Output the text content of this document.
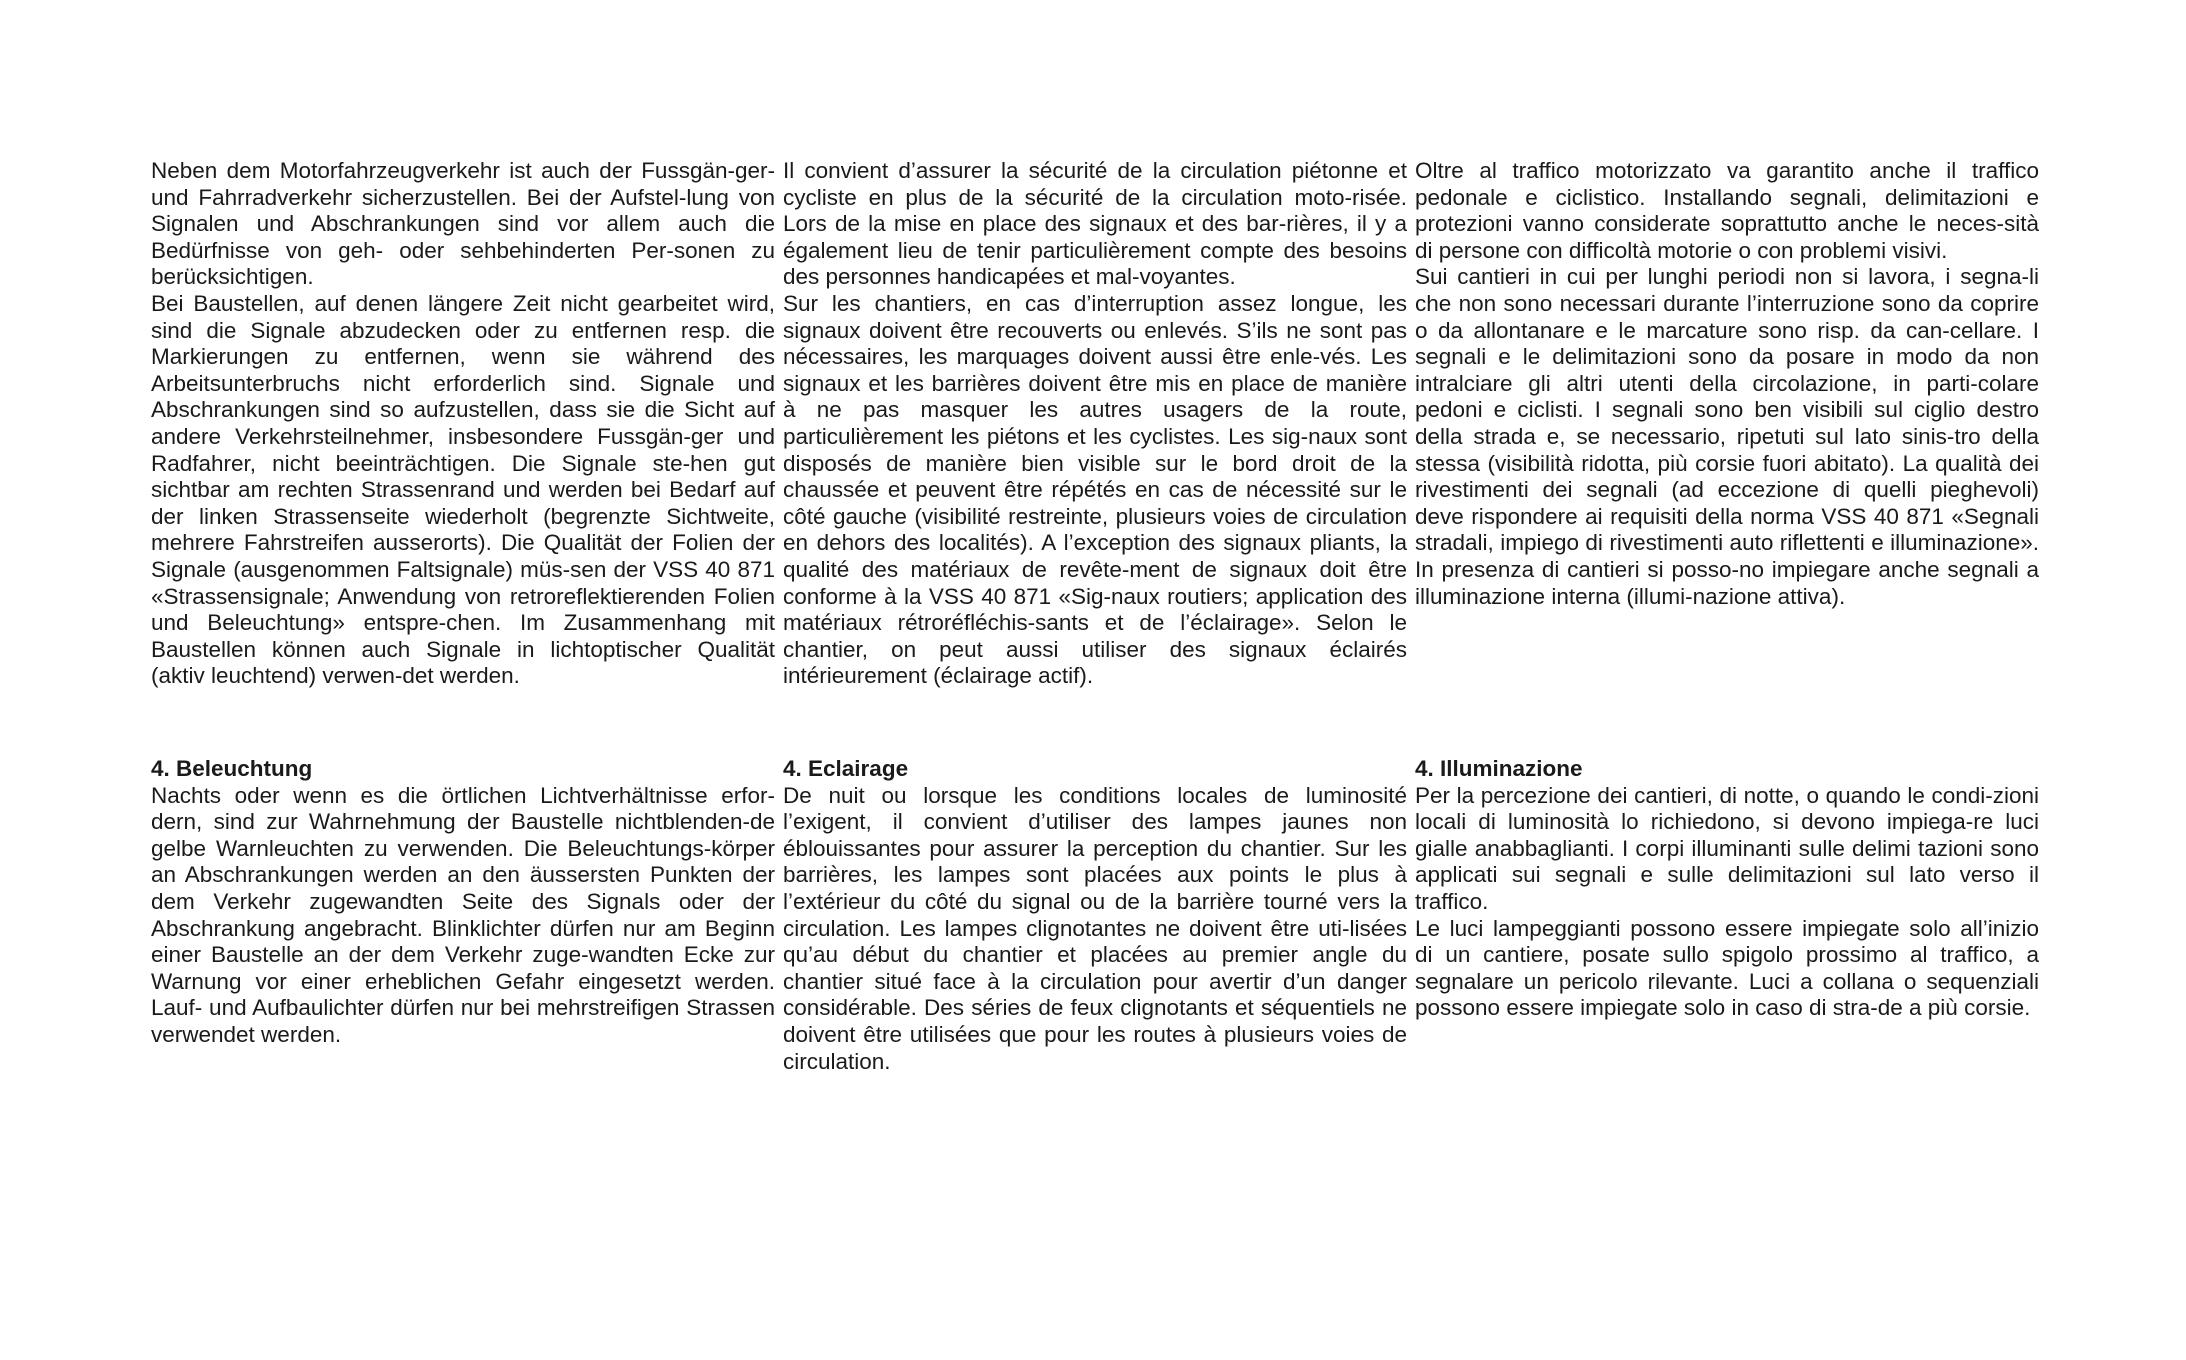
Neben dem Motorfahrzeugverkehr ist auch der Fussgän-ger- und Fahrradverkehr sicherzustellen. Bei der Aufstel-lung von Signalen und Abschrankungen sind vor allem auch die Bedürfnisse von geh- oder sehbehinderten Per-sonen zu berücksichtigen.

Bei Baustellen, auf denen längere Zeit nicht gearbeitet wird, sind die Signale abzudecken oder zu entfernen resp. die Markierungen zu entfernen, wenn sie während des Arbeitsunterbruchs nicht erforderlich sind. Signale und Abschrankungen sind so aufzustellen, dass sie die Sicht auf andere Verkehrsteilnehmer, insbesondere Fussgän-ger und Radfahrer, nicht beeinträchtigen. Die Signale ste-hen gut sichtbar am rechten Strassenrand und werden bei Bedarf auf der linken Strassenseite wiederholt (begrenzte Sichtweite, mehrere Fahrstreifen ausserorts). Die Qualität der Folien der Signale (ausgenommen Faltsignale) müs-sen der VSS 40 871 «Strassensignale; Anwendung von retroreflektierenden Folien und Beleuchtung» entspre-chen. Im Zusammenhang mit Baustellen können auch Signale in lichtoptischer Qualität (aktiv leuchtend) verwen-det werden.

4. Beleuchtung

Nachts oder wenn es die örtlichen Lichtverhältnisse erfor-dern, sind zur Wahrnehmung der Baustelle nichtblenden-de gelbe Warnleuchten zu verwenden. Die Beleuchtungs-körper an Abschrankungen werden an den äussersten Punkten der dem Verkehr zugewandten Seite des Signals oder der Abschrankung angebracht. Blinklichter dürfen nur am Beginn einer Baustelle an der dem Verkehr zuge-wandten Ecke zur Warnung vor einer erheblichen Gefahr eingesetzt werden. Lauf- und Aufbaulichter dürfen nur bei mehrstreifigen Strassen verwendet werden.

Il convient d’assurer la sécurité de la circulation piétonne et cycliste en plus de la sécurité de la circulation moto-risée. Lors de la mise en place des signaux et des bar-rières, il y a également lieu de tenir particulièrement compte des besoins des personnes handicapées et mal-voyantes.

Sur les chantiers, en cas d’interruption assez longue, les signaux doivent être recouverts ou enlevés. S’ils ne sont pas nécessaires, les marquages doivent aussi être enle-vés. Les signaux et les barrières doivent être mis en place de manière à ne pas masquer les autres usagers de la route, particulièrement les piétons et les cyclistes. Les sig-naux sont disposés de manière bien visible sur le bord droit de la chaussée et peuvent être répétés en cas de nécessité sur le côté gauche (visibilité restreinte, plusieurs voies de circulation en dehors des localités). A l’exception des signaux pliants, la qualité des matériaux de revête-ment de signaux doit être conforme à la VSS 40 871 «Sig-naux routiers; application des matériaux rétroréfléchis-sants et de l’éclairage». Selon le chantier, on peut aussi utiliser des signaux éclairés intérieurement (éclairage actif).

4. Eclairage

De nuit ou lorsque les conditions locales de luminosité l’exigent, il convient d’utiliser des lampes jaunes non éblouissantes pour assurer la perception du chantier. Sur les barrières, les lampes sont placées aux points le plus à l’extérieur du côté du signal ou de la barrière tourné vers la circulation. Les lampes clignotantes ne doivent être uti-lisées qu’au début du chantier et placées au premier angle du chantier situé face à la circulation pour avertir d’un danger considérable. Des séries de feux clignotants et séquentiels ne doivent être utilisées que pour les routes à plusieurs voies de circulation.

Oltre al traffico motorizzato va garantito anche il traffico pedonale e ciclistico. Installando segnali, delimitazioni e protezioni vanno considerate soprattutto anche le neces-sità di persone con difficoltà motorie o con problemi visivi.

Sui cantieri in cui per lunghi periodi non si lavora, i segna-li che non sono necessari durante l’interruzione sono da coprire o da allontanare e le marcature sono risp. da can-cellare. I segnali e le delimitazioni sono da posare in modo da non intralciare gli altri utenti della circolazione, in parti-colare pedoni e ciclisti. I segnali sono ben visibili sul ciglio destro della strada e, se necessario, ripetuti sul lato sinis-tro della stessa (visibilità ridotta, più corsie fuori abitato). La qualità dei rivestimenti dei segnali (ad eccezione di quelli pieghevoli) deve rispondere ai requisiti della norma VSS 40 871 «Segnali stradali, impiego di rivestimenti auto riflettenti e illuminazione». In presenza di cantieri si posso-no impiegare anche segnali a illuminazione interna (illumi-nazione attiva).

4. Illuminazione

Per la percezione dei cantieri, di notte, o quando le condi-zioni locali di luminosità lo richiedono, si devono impiega-re luci gialle anabbaglianti. I corpi illuminanti sulle delimi tazioni sono applicati sui segnali e sulle delimitazioni sul lato verso il traffico.

Le luci lampeggianti possono essere impiegate solo all’inizio di un cantiere, posate sullo spigolo prossimo al traffico, a segnalare un pericolo rilevante. Luci a collana o sequenziali possono essere impiegate solo in caso di stra-de a più corsie.
